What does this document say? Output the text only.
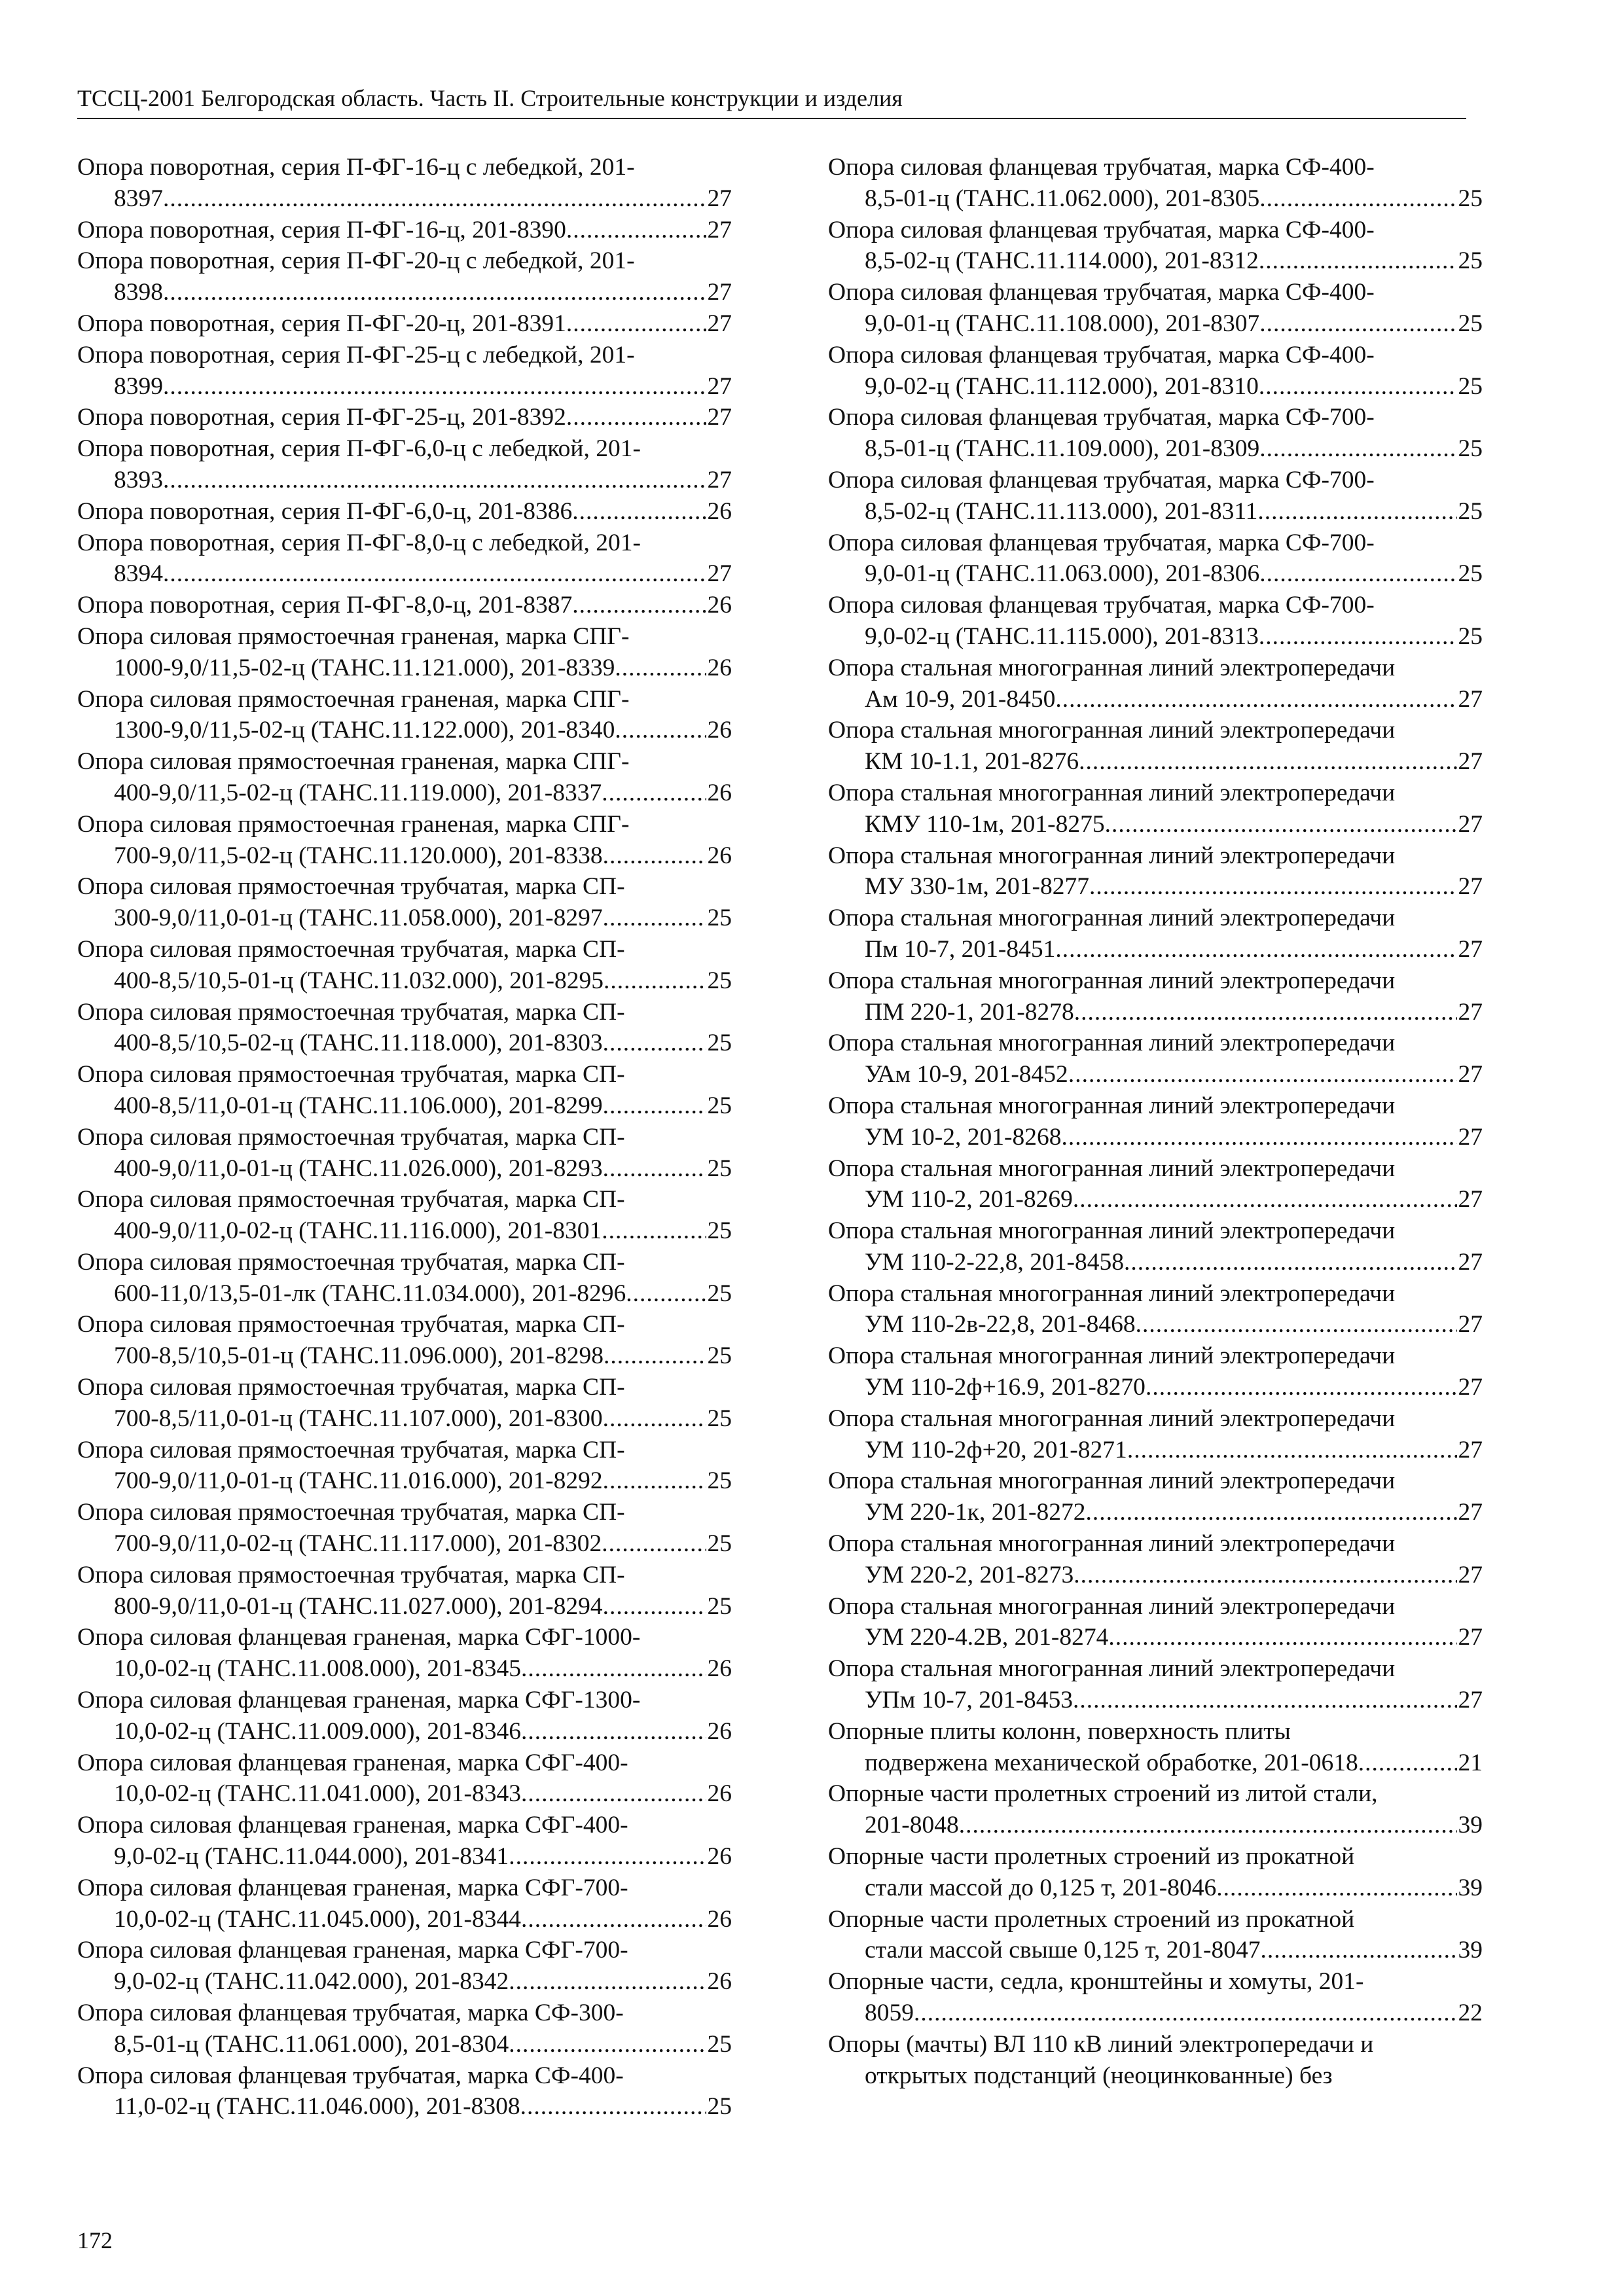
ТССЦ-2001 Белгородская область. Часть II. Строительные конструкции и изделия
Опора поворотная, серия П-ФГ-16-ц с лебедкой, 201-
8397 .....	27
Опора поворотная, серия П-ФГ-16-ц, 201-8390 .....	27
Опора поворотная, серия П-ФГ-20-ц с лебедкой, 201-
8398 .....	27
Опора поворотная, серия П-ФГ-20-ц, 201-8391 .....	27
Опора поворотная, серия П-ФГ-25-ц с лебедкой, 201-
8399 .....	27
Опора поворотная, серия П-ФГ-25-ц, 201-8392 .....	27
Опора поворотная, серия П-ФГ-6,0-ц с лебедкой, 201-
8393 .....	27
Опора поворотная, серия П-ФГ-6,0-ц, 201-8386 .....	26
Опора поворотная, серия П-ФГ-8,0-ц с лебедкой, 201-
8394 .....	27
Опора поворотная, серия П-ФГ-8,0-ц, 201-8387 .....	26
Опора силовая прямостоечная граненая, марка СПГ-
1000-9,0/11,5-02-ц (ТАНС.11.121.000), 201-8339 .....	26
Опора силовая прямостоечная граненая, марка СПГ-
1300-9,0/11,5-02-ц (ТАНС.11.122.000), 201-8340 .....	26
Опора силовая прямостоечная граненая, марка СПГ-
400-9,0/11,5-02-ц (ТАНС.11.119.000), 201-8337 .....	26
Опора силовая прямостоечная граненая, марка СПГ-
700-9,0/11,5-02-ц (ТАНС.11.120.000), 201-8338 .....	26
Опора силовая прямостоечная трубчатая, марка СП-
300-9,0/11,0-01-ц (ТАНС.11.058.000), 201-8297 .....	25
Опора силовая прямостоечная трубчатая, марка СП-
400-8,5/10,5-01-ц (ТАНС.11.032.000), 201-8295 .....	25
Опора силовая прямостоечная трубчатая, марка СП-
400-8,5/10,5-02-ц (ТАНС.11.118.000), 201-8303 .....	25
Опора силовая прямостоечная трубчатая, марка СП-
400-8,5/11,0-01-ц (ТАНС.11.106.000), 201-8299 .....	25
Опора силовая прямостоечная трубчатая, марка СП-
400-9,0/11,0-01-ц (ТАНС.11.026.000), 201-8293 .....	25
Опора силовая прямостоечная трубчатая, марка СП-
400-9,0/11,0-02-ц (ТАНС.11.116.000), 201-8301 .....	25
Опора силовая прямостоечная трубчатая, марка СП-
600-11,0/13,5-01-лк (ТАНС.11.034.000), 201-8296 .....	25
Опора силовая прямостоечная трубчатая, марка СП-
700-8,5/10,5-01-ц (ТАНС.11.096.000), 201-8298 .....	25
Опора силовая прямостоечная трубчатая, марка СП-
700-8,5/11,0-01-ц (ТАНС.11.107.000), 201-8300 .....	25
Опора силовая прямостоечная трубчатая, марка СП-
700-9,0/11,0-01-ц (ТАНС.11.016.000), 201-8292 .....	25
Опора силовая прямостоечная трубчатая, марка СП-
700-9,0/11,0-02-ц (ТАНС.11.117.000), 201-8302 .....	25
Опора силовая прямостоечная трубчатая, марка СП-
800-9,0/11,0-01-ц (ТАНС.11.027.000), 201-8294 .....	25
Опора силовая фланцевая граненая, марка СФГ-1000-
10,0-02-ц (ТАНС.11.008.000), 201-8345 .....	26
Опора силовая фланцевая граненая, марка СФГ-1300-
10,0-02-ц (ТАНС.11.009.000), 201-8346 .....	26
Опора силовая фланцевая граненая, марка СФГ-400-
10,0-02-ц (ТАНС.11.041.000), 201-8343 .....	26
Опора силовая фланцевая граненая, марка СФГ-400-
9,0-02-ц (ТАНС.11.044.000), 201-8341 .....	26
Опора силовая фланцевая граненая, марка СФГ-700-
10,0-02-ц (ТАНС.11.045.000), 201-8344 .....	26
Опора силовая фланцевая граненая, марка СФГ-700-
9,0-02-ц (ТАНС.11.042.000), 201-8342 .....	26
Опора силовая фланцевая трубчатая, марка СФ-300-
8,5-01-ц (ТАНС.11.061.000), 201-8304 .....	25
Опора силовая фланцевая трубчатая, марка СФ-400-
11,0-02-ц (ТАНС.11.046.000), 201-8308 .....	25
Опора силовая фланцевая трубчатая, марка СФ-400-
8,5-01-ц (ТАНС.11.062.000), 201-8305 .....	25
Опора силовая фланцевая трубчатая, марка СФ-400-
8,5-02-ц (ТАНС.11.114.000), 201-8312 .....	25
Опора силовая фланцевая трубчатая, марка СФ-400-
9,0-01-ц (ТАНС.11.108.000), 201-8307 .....	25
Опора силовая фланцевая трубчатая, марка СФ-400-
9,0-02-ц (ТАНС.11.112.000), 201-8310 .....	25
Опора силовая фланцевая трубчатая, марка СФ-700-
8,5-01-ц (ТАНС.11.109.000), 201-8309 .....	25
Опора силовая фланцевая трубчатая, марка СФ-700-
8,5-02-ц (ТАНС.11.113.000), 201-8311 .....	25
Опора силовая фланцевая трубчатая, марка СФ-700-
9,0-01-ц (ТАНС.11.063.000), 201-8306 .....	25
Опора силовая фланцевая трубчатая, марка СФ-700-
9,0-02-ц (ТАНС.11.115.000), 201-8313 .....	25
Опора стальная многогранная линий электропередачи
Ам 10-9, 201-8450 .....	27
Опора стальная многогранная линий электропередачи
КМ 10-1.1, 201-8276 .....	27
Опора стальная многогранная линий электропередачи
КМУ 110-1м, 201-8275 .....	27
Опора стальная многогранная линий электропередачи
МУ 330-1м, 201-8277 .....	27
Опора стальная многогранная линий электропередачи
Пм 10-7, 201-8451 .....	27
Опора стальная многогранная линий электропередачи
ПМ 220-1, 201-8278 .....	27
Опора стальная многогранная линий электропередачи
УАм 10-9, 201-8452 .....	27
Опора стальная многогранная линий электропередачи
УМ 10-2, 201-8268 .....	27
Опора стальная многогранная линий электропередачи
УМ 110-2, 201-8269 .....	27
Опора стальная многогранная линий электропередачи
УМ 110-2-22,8, 201-8458 .....	27
Опора стальная многогранная линий электропередачи
УМ 110-2в-22,8, 201-8468 .....	27
Опора стальная многогранная линий электропередачи
УМ 110-2ф+16.9, 201-8270 .....	27
Опора стальная многогранная линий электропередачи
УМ 110-2ф+20, 201-8271 .....	27
Опора стальная многогранная линий электропередачи
УМ 220-1к, 201-8272 .....	27
Опора стальная многогранная линий электропередачи
УМ 220-2, 201-8273 .....	27
Опора стальная многогранная линий электропередачи
УМ 220-4.2В, 201-8274 .....	27
Опора стальная многогранная линий электропередачи
УПм 10-7, 201-8453 .....	27
Опорные плиты колонн, поверхность плиты
подвержена механической обработке, 201-0618 .....	21
Опорные части пролетных строений из литой стали,
201-8048 .....	39
Опорные части пролетных строений из прокатной
стали массой до 0,125 т, 201-8046 .....	39
Опорные части пролетных строений из прокатной
стали массой свыше 0,125 т, 201-8047 .....	39
Опорные части, седла, кронштейны и хомуты, 201-
8059 .....	22
Опоры (мачты) ВЛ 110 кВ линий электропередачи и
открытых подстанций (неоцинкованные) без
172
